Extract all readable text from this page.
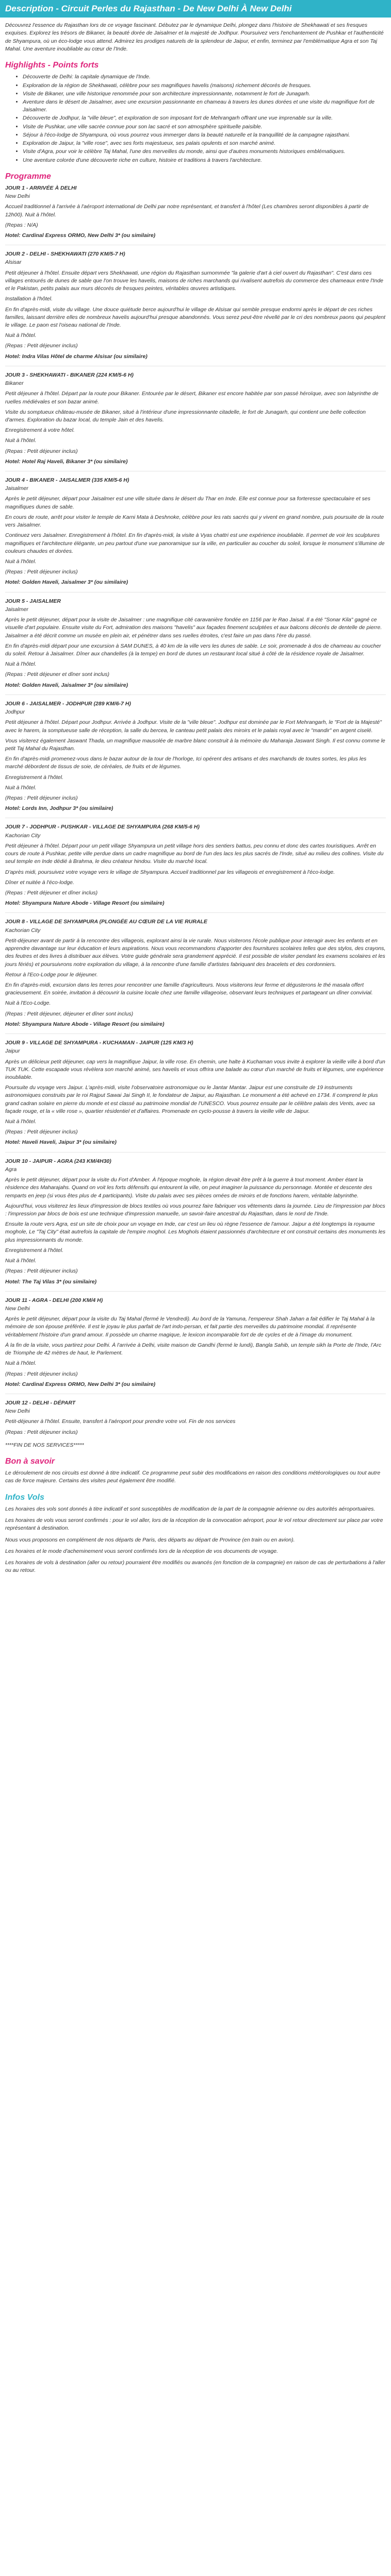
Description - Circuit Perles du Rajasthan - De New Delhi À New Delhi

Découvrez l'essence du Rajasthan lors de ce voyage fascinant. Débutez par le dynamique Delhi, plongez dans l'histoire de Shekhawati et ses fresques exquises. Explorez les trésors de Bikaner, la beauté dorée de Jaisalmer et la majesté de Jodhpur. Poursuivez vers l'enchantement de Pushkar et l'authenticité de Shyampura, où un éco-lodge vous attend. Admirez les prodiges naturels de la splendeur de Jaipur, et enfin, terminez par l'emblématique Agra et son Taj Mahal. Une aventure inoubliable au cœur de l'Inde.

Highlights - Points forts
• Découverte de Delhi: la capitale dynamique de l'Inde.
• Exploration de la région de Shekhawati, célèbre pour ses magnifiques havelis (maisons) richement décorés de fresques.
• Visite de Bikaner, une ville historique renommée pour son architecture impressionnante, notamment le fort de Junagarh.
• Aventure dans le désert de Jaisalmer, avec une excursion passionnante en chameau à travers les dunes dorées et une visite du magnifique fort de Jaisalmer.
• Découverte de Jodhpur, la "ville bleue", et exploration de son imposant fort de Mehrangarh offrant une vue imprenable sur la ville.
• Visite de Pushkar, une ville sacrée connue pour son lac sacré et son atmosphère spirituelle paisible.
• Séjour à l'éco-lodge de Shyampura, où vous pourrez vous immerger dans la beauté naturelle et la tranquillité de la campagne rajasthani.
• Exploration de Jaipur, la "ville rose", avec ses forts majestueux, ses palais opulents et son marché animé.
• Visite d'Agra, pour voir le célèbre Taj Mahal, l'une des merveilles du monde, ainsi que d'autres monuments historiques emblématiques.
• Une aventure colorée d'une découverte riche en culture, histoire et traditions à travers l'architecture.
Programme
JOUR 1 - ARRIVÉE À DELHI
New Delhi

Accueil traditionnel à l'arrivée à l'aéroport international de Delhi par notre représentant, et transfert à l'hôtel (Les chambres seront disponibles à partir de 12h00). Nuit à l'hôtel.

(Repas : N/A)

Hotel: Cardinal Express ORMO, New Delhi 3* (ou similaire)
JOUR 2 - DELHI - SHEKHAWATI (270 KM/5-7 H)
Alsisar

Petit déjeuner à l'hôtel. Ensuite départ vers Shekhawati, une région du Rajasthan surnommée "la galerie d'art à ciel ouvert du Rajasthan". C'est dans ces villages entourés de dunes de sable que l'on trouve les havelis, maisons de riches marchands qui rivalisent autrefois du commerce des chameaux entre l'Inde et le Pakistan, petits palais aux murs décorés de fresques peintes, véritables œuvres artistiques.

Installation à l'hôtel.

En fin d'après-midi, visite du village. Une douce quiétude berce aujourd'hui le village de Alsisar qui semble presque endormi après le départ de ces riches familles, laissant derrière elles de nombreux havelis aujourd'hui presque abandonnés. Vous serez peut-être révellé par le cri des nombreux paons qui peuplent le village. Le paon est l'oiseau national de l'Inde.

Nuit à l'hôtel.

(Repas : Petit déjeuner inclus)

Hotel: Indra Vilas Hôtel de charme Alsisar (ou similaire)
JOUR 3 - SHEKHAWATI - BIKANER (224 KM/5-6 H)
Bikaner

Petit déjeuner à l'hôtel. Départ par la route pour Bikaner. Entourée par le désert, Bikaner est encore habitée par son passé héroïque, avec son labyrinthe de ruelles médiévales et son bazar animé.

Visite du somptueux château-musée de Bikaner, situé à l'intérieur d'une impressionnante citadelle, le fort de Junagarh, qui contient une belle collection d'armes. Exploration du bazar local, du temple Jain et des havelis.

Enregistrement à votre hôtel.

Nuit à l'hôtel.

(Repas : Petit déjeuner inclus)

Hotel: Hotel Raj Haveli, Bikaner 3* (ou similaire)
JOUR 4 - BIKANER - JAISALMER (335 KM/5-6 H)
Jaisalmer

Après le petit déjeuner, départ pour Jaisalmer est une ville située dans le désert du Thar en Inde. Elle est connue pour sa forteresse spectaculaire et ses magnifiques dunes de sable.

En cours de route, arrêt pour visiter le temple de Karni Mata à Deshnoke, célèbre pour les rats sacrés qui y vivent en grand nombre, puis poursuite de la route vers Jaisalmer.

Continuez vers Jaisalmer. Enregistrement à l'hôtel. En fin d'après-midi, la visite à Vyas chattri est une expérience inoubliable. Il permet de voir les sculptures magnifiques et l'architecture élégante, un peu partout d'une vue panoramique sur la ville, en particulier au coucher du soleil, lorsque le monument s'illumine de couleurs chaudes et dorées.

Nuit à l'hôtel.

(Repas : Petit déjeuner inclus)

Hotel: Golden Haveli, Jaisalmer 3* (ou similaire)
JOUR 5 - JAISALMER
Jaisalmer

Après le petit déjeuner, départ pour la visite de Jaisalmer : une magnifique cité caravanière fondée en 1156 par le Rao Jaisal. Il a été "Sonar Kila" gagné ce visuelle d'art populaire. Ensuite visite du Fort, admiration des maisons "havelis" aux façades finement sculptées et aux balcons décorés de dentelle de pierre. Jaisalmer a été décrit comme un musée en plein air, et pénétrer dans ses ruelles étroites, c'est faire un pas dans l'ère du passé.

En fin d'après-midi départ pour une excursion à SAM DUNES, à 40 km de la ville vers les dunes de sable. Le soir, promenade à dos de chameau au coucher du soleil. Retour à Jaisalmer. Dîner aux chandelles (à la tempe) en bord de dunes un restaurant local situé à côté de la résidence royale de Jaisalmer.

Nuit à l'hôtel.

(Repas : Petit déjeuner et dîner sont inclus)

Hotel: Golden Haveli, Jaisalmer 3* (ou similaire)
JOUR 6 - JAISALMER - JODHPUR (289 KM/6-7 H)
Jodhpur

Petit déjeuner à l'hôtel. Départ pour Jodhpur. Arrivée à Jodhpur. Visite de la "ville bleue". Jodhpur est dominée par le Fort Mehrangarh, le "Fort de la Majesté" avec le harem, la somptueuse salle de réception, la salle du bercea, le canteau petit palais des miroirs et le palais royal avec le "mandir" en argent ciselé.

Vous visiterez également Jaswant Thada, un magnifique mausolée de marbre blanc construit à la mémoire du Maharaja Jaswant Singh. Il est connu comme le petit Taj Mahal du Rajasthan.

En fin d'après-midi promenez-vous dans le bazar autour de la tour de l'horloge, Ici opérent des artisans et des marchands de toutes sortes, les plus les marché débordent de tissus de soie, de céréales, de fruits et de légumes.

Enregistrement à l'hôtel.

Nuit à l'hôtel.

(Repas : Petit déjeuner inclus)

Hotel: Lords Inn, Jodhpur 3* (ou similaire)
JOUR 7 - JODHPUR - PUSHKAR - VILLAGE DE SHYAMPURA (268 KM/5-6 H)
Kachorian City

Petit déjeuner à l'hôtel. Départ pour un petit village Shyampura un petit village hors des sentiers battus, peu connu et donc des cartes touristiques. Arrêt en cours de route à Pushkar, petite ville perdue dans un cadre magnifique au bord de l'un des lacs les plus sacrés de l'Inde, situé au milieu des collines. Visite du seul temple en Inde dédié à Brahma, le dieu créateur hindou. Visite du marché local.

D'après midi, poursuivez votre voyage vers le village de Shyampura. Accueil traditionnel par les villageois et enregistrement à l'éco-lodge.

Dîner et nuitée à l'éco-lodge.

(Repas : Petit déjeuner et dîner inclus)

Hotel: Shyampura Nature Abode - Village Resort (ou similaire)
JOUR 8 - VILLAGE DE SHYAMPURA (PLONGÉE AU CŒUR DE LA VIE RURALE
Kachorian City

Petit-déjeuner avant de partir à la rencontre des villageois, explorant ainsi la vie rurale. Nous visiterons l'école publique pour interagir avec les enfants et en apprendre davantage sur leur éducation et leurs aspirations. Nous vous recommandons d'apporter des fournitures scolaires telles que des stylos, des crayons, des feutres et des livres à distribuer aux élèves. Votre guide générale sera grandement apprécié. Il est possible de visiter pendant les examens scolaires et les jours fériés) et poursuivrons notre exploration du village, à la rencontre d'une famille d'artistes fabriquant des bracelets et des cordonniers.

Retour à l'Eco-Lodge pour le déjeuner.

En fin d'après-midi, excursion dans les terres pour rencontrer une famille d'agriculteurs. Nous visiterons leur ferme et dégusterons le thé masala offert gracieusement. En soirée, invitation à découvrir la cuisine locale chez une famille villageoise, observant leurs techniques et partageant un dîner convivial.

Nuit à l'Eco-Lodge.

(Repas : Petit déjeuner, déjeuner et dîner sont inclus)

Hotel: Shyampura Nature Abode - Village Resort (ou similaire)
JOUR 9 - VILLAGE DE SHYAMPURA - KUCHAMAN - JAIPUR (125 KM/3 H)
Jaipur

Après un délicieux petit déjeuner, cap vers la magnifique Jaipur, la ville rose. En chemin, une halte à Kuchaman vous invite à explorer la vieille ville à bord d'un TUK TUK. Cette escapade vous révèlera son marché animé, ses havelis et vous offrira une balade au cœur d'un marché de fruits et légumes, une expérience inoubliable.

Poursuite du voyage vers Jaipur. L'après-midi, visite l'observatoire astronomique ou le Jantar Mantar. Jaipur est une construite de 19 instruments astronomiques construits par le roi Rajput Sawai Jai Singh II, le fondateur de Jaipur, au Rajasthan. Le monument a été achevé en 1734. Il comprend le plus grand cadran solaire en pierre du monde et est classé au patrimoine mondial de l'UNESCO. Vous pourrez ensuite par le célèbre palais des Vents, avec sa façade rouge, et la « ville rose », quartier résidentiel et d'affaires. Promenade en cyclo-pousse à travers la vieille ville de Jaipur.

Nuit à l'hôtel.

(Repas : Petit déjeuner inclus)

Hotel: Haveli Haveli, Jaipur 3* (ou similaire)
JOUR 10 - JAIPUR - AGRA (243 KM/4H30)
Agra

Après le petit déjeuner, départ pour la visite du Fort d'Amber. À l'époque moghole, la région devait être prêt à la guerre à tout moment. Amber étant la résidence des Maharajahs. Quand on voit les forts défensifs qui entourent la ville, on peut imaginer la puissance du personnage. Montée et descente des remparts en jeep (si vous êtes plus de 4 participants). Visite du palais avec ses pièces ornées de miroirs et de fonctions harem, véritable labyrinthe.

Aujourd'hui, vous visiterez les lieux d'impression de blocs textiles où vous pourrez faire fabriquer vos vêtements dans la journée. Lieu de l'impression par blocs : l'impression par blocs de bois est une technique d'impression manuelle, un savoir-faire ancestral du Rajasthan, dans le nord de l'Inde.

Ensuite la route vers Agra, est un site de choix pour un voyage en Inde, car c'est un lieu où règne l'essence de l'amour. Jaipur a été longtemps la royaume moghole, Le "Taj City" était autrefois la capitale de l'empire moghol. Les Moghols étaient passionnés d'architecture et ont construit certains des monuments les plus impressionnants du monde.

Enregistrement à l'hôtel.

Nuit à l'hôtel.

(Repas : Petit déjeuner inclus)

Hotel: The Taj Vilas 3* (ou similaire)
JOUR 11 - AGRA - DELHI (200 KM/4 H)
New Delhi

Après le petit déjeuner, départ pour la visite du Taj Mahal (fermé le Vendredi). Au bord de la Yamuna, l'empereur Shah Jahan a fait édifier le Taj Mahal à la mémoire de son épouse préférée. Il est le joyau le plus parfait de l'art indo-persan, et fait partie des merveilles du patrimoine mondial. Il représente véritablement l'histoire d'un grand amour. Il possède un charme magique, le lexicon incomparable fort de de cycles et de à l'image du monument.

À la fin de la visite, vous partirez pour Delhi. À l'arrivée à Delhi, visite maison de Gandhi (fermé le lundi), Bangla Sahib, un temple sikh la Porte de l'Inde, l'Arc de Triomphe de 42 mètres de haut, le Parlement.

Nuit à l'hôtel.

(Repas : Petit déjeuner inclus)

Hotel: Cardinal Express ORMO, New Delhi 3* (ou similaire)
JOUR 12 - DELHI - DÉPART
New Delhi

Petit-déjeuner à l'hôtel. Ensuite, transfert à l'aéroport pour prendre votre vol. Fin de nos services

(Repas : Petit déjeuner inclus)

****FIN DE NOS SERVICES*****
Bon à savoir

Le déroulement de nos circuits est donné à titre indicatif. Ce programme peut subir des modifications en raison des conditions météorologiques ou tout autre cas de force majeure. Certains des visites peut également être modifié.

Infos Vols

Les horaires des vols sont donnés à titre indicatif et sont susceptibles de modification de la part de la compagnie aérienne ou des autorités aéroportuaires.

Les horaires de vols vous seront confirmés : pour le vol aller, lors de la réception de la convocation aéroport, pour le vol retour directement sur place par votre représentant à destination.

Nous vous proposons en complément de nos départs de Paris, des départs au départ de Province (en train ou en avion).

Les horaires et le mode d'acheminement vous seront confirmés lors de la réception de vos documents de voyage.

Les horaires de vols à destination (aller ou retour) pourraient être modifiés ou avancés (en fonction de la compagnie) en raison de cas de perturbations à l'aller ou au retour.
